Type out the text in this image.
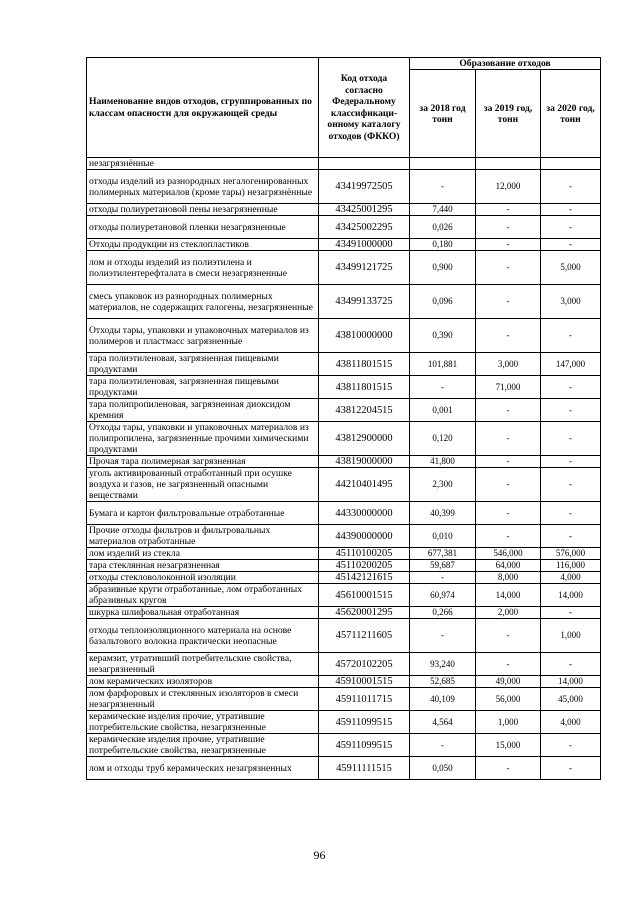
Наименование видов отходов, сгруппированных по классам опасности для окружающей среды	Код отхода согласно Федеральному классификаци-онному каталогу отходов (ФККО)	Образование отходов		
		за 2018 год тонн	за 2019 год, тонн	за 2020 год, тонн
незагрязнённые				
отходы изделий из разнородных негалогенированных полимерных материалов (кроме тары) незагрязнённые	43419972505	-	12,000	-
отходы полиуретановой пены незагрязненные	43425001295	7,440	-	-
отходы полиуретановой пленки незагрязненные	43425002295	0,026	-	-
Отходы продукции из стеклопластиков	43491000000	0,180	-	-
лом и отходы изделий из полиэтилена и полиэтилентерефталата в смеси незагрязненные	43499121725	0,900	-	5,000
смесь упаковок из разнородных полимерных материалов, не содержащих галогены, незагрязненные	43499133725	0,096	-	3,000
Отходы тары, упаковки и упаковочных материалов из полимеров и пластмасс загрязненные	43810000000	0,390	-	-
тара полиэтиленовая, загрязненная пищевыми продуктами	43811801515	101,881	3,000	147,000
тара полиэтиленовая, загрязненная пищевыми продуктами	43811801515	-	71,000	-
тара полипропиленовая, загрязненная диоксидом кремния	43812204515	0,001	-	-
Отходы тары, упаковки и упаковочных материалов из полипропилена, загрязненные прочими химическими продуктами	43812900000	0,120	-	-
Прочая тара полимерная загрязненная	43819000000	41,800	-	-
уголь активированный отработанный при осушке воздуха и газов, не загрязненный опасными веществами	44210401495	2,300	-	-
Бумага и картон фильтровальные отработанные	44330000000	40,399	-	-
Прочие отходы фильтров и фильтровальных материалов отработанные	44390000000	0,010	-	-
лом изделий из стекла	45110100205	677,381	546,000	576,000
тара стеклянная незагрязненная	45110200205	59,687	64,000	116,000
отходы стекловолоконной изоляции	45142121615	-	8,000	4,000
абразивные круги отработанные, лом отработанных абразивных кругов	45610001515	60,974	14,000	14,000
шкурка шлифовальная отработанная	45620001295	0,266	2,000	-
отходы теплоизоляционного материала на основе базальтового волокна практически неопасные	45711211605	-	-	1,000
керамзит, утративший потребительские свойства, незагрязненный	45720102205	93,240	-	-
лом керамических изоляторов	45910001515	52,685	49,000	14,000
лом фарфоровых и стеклянных изоляторов в смеси незагрязненный	45911011715	40,109	56,000	45,000
керамические изделия прочие, утратившие потребительские свойства, незагрязненные	45911099515	4,564	1,000	4,000
керамические изделия прочие, утратившие потребительские свойства, незагрязненные	45911099515	-	15,000	-
лом и отходы труб керамических незагрязненных	45911111515	0,050	-	-
96
